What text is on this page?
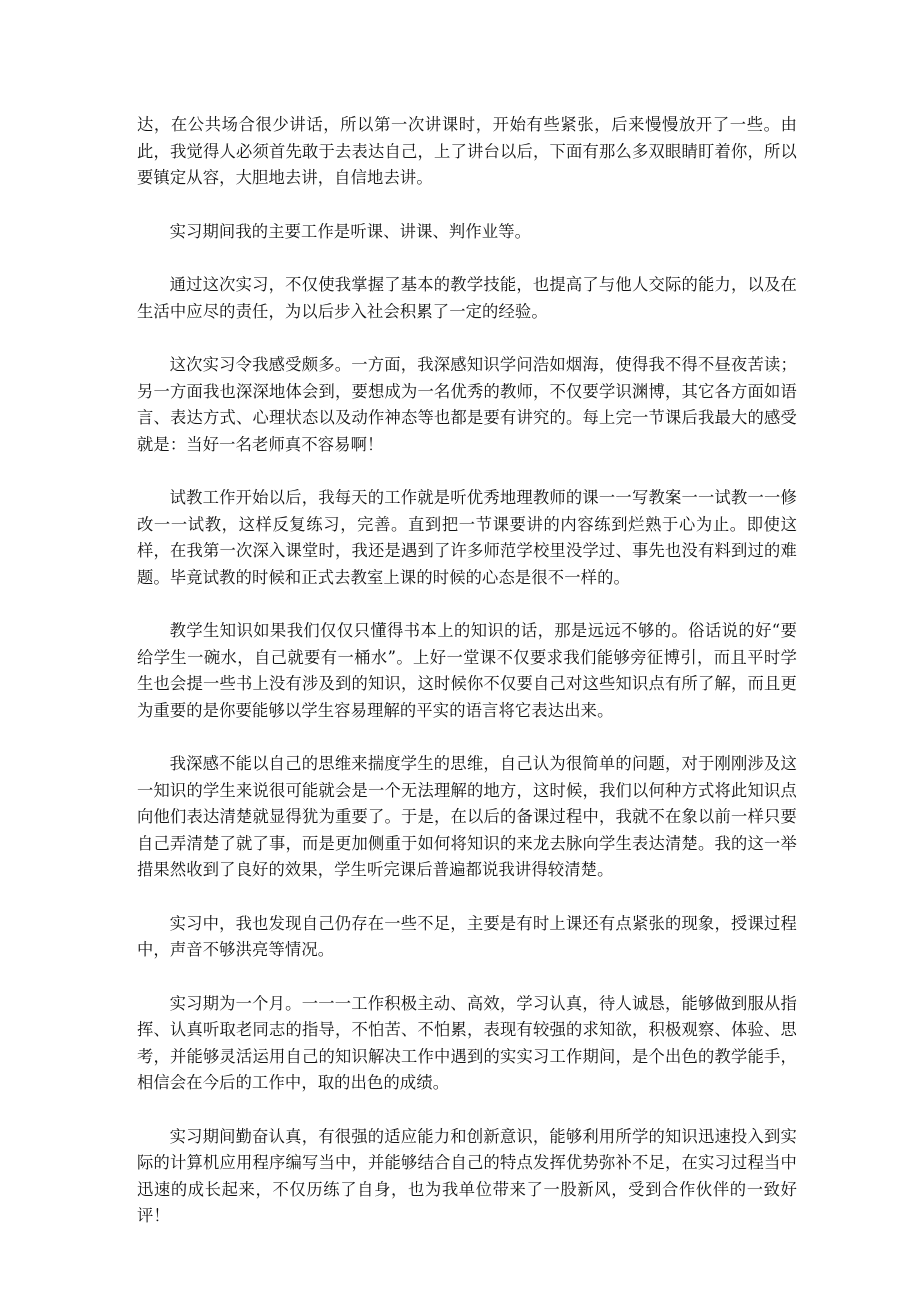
达，在公共场合很少讲话，所以第一次讲课时，开始有些紧张，后来慢慢放开了一些。由此，我觉得人必须首先敢于去表达自己，上了讲台以后，下面有那么多双眼睛盯着你，所以要镇定从容，大胆地去讲，自信地去讲。

实习期间我的主要工作是听课、讲课、判作业等。

通过这次实习，不仅使我掌握了基本的教学技能，也提高了与他人交际的能力，以及在生活中应尽的责任，为以后步入社会积累了一定的经验。

这次实习令我感受颇多。一方面，我深感知识学问浩如烟海，使得我不得不昼夜苦读；另一方面我也深深地体会到，要想成为一名优秀的教师，不仅要学识渊博，其它各方面如语言、表达方式、心理状态以及动作神态等也都是要有讲究的。每上完一节课后我最大的感受就是：当好一名老师真不容易啊！

试教工作开始以后，我每天的工作就是听优秀地理教师的课一一写教案一一试教一一修改一一试教，这样反复练习，完善。直到把一节课要讲的内容练到烂熟于心为止。即使这样，在我第一次深入课堂时，我还是遇到了许多师范学校里没学过、事先也没有料到过的难题。毕竟试教的时候和正式去教室上课的时候的心态是很不一样的。

教学生知识如果我们仅仅只懂得书本上的知识的话，那是远远不够的。俗话说的好“要给学生一碗水，自己就要有一桶水”。上好一堂课不仅要求我们能够旁征博引，而且平时学生也会提一些书上没有涉及到的知识，这时候你不仅要自己对这些知识点有所了解，而且更为重要的是你要能够以学生容易理解的平实的语言将它表达出来。

我深感不能以自己的思维来揣度学生的思维，自己认为很简单的问题，对于刚刚涉及这一知识的学生来说很可能就会是一个无法理解的地方，这时候，我们以何种方式将此知识点向他们表达清楚就显得犹为重要了。于是，在以后的备课过程中，我就不在象以前一样只要自己弄清楚了就了事，而是更加侧重于如何将知识的来龙去脉向学生表达清楚。我的这一举措果然收到了良好的效果，学生听完课后普遍都说我讲得较清楚。

实习中，我也发现自己仍存在一些不足，主要是有时上课还有点紧张的现象，授课过程中，声音不够洪亮等情况。

实习期为一个月。一一一工作积极主动、高效，学习认真，待人诚恳，能够做到服从指挥、认真听取老同志的指导，不怕苦、不怕累，表现有较强的求知欲，积极观察、体验、思考，并能够灵活运用自己的知识解决工作中遇到的实实习工作期间，是个出色的教学能手，相信会在今后的工作中，取的出色的成绩。

实习期间勤奋认真，有很强的适应能力和创新意识，能够利用所学的知识迅速投入到实际的计算机应用程序编写当中，并能够结合自己的特点发挥优势弥补不足，在实习过程当中迅速的成长起来，不仅历练了自身，也为我单位带来了一股新风，受到合作伙伴的一致好评！
